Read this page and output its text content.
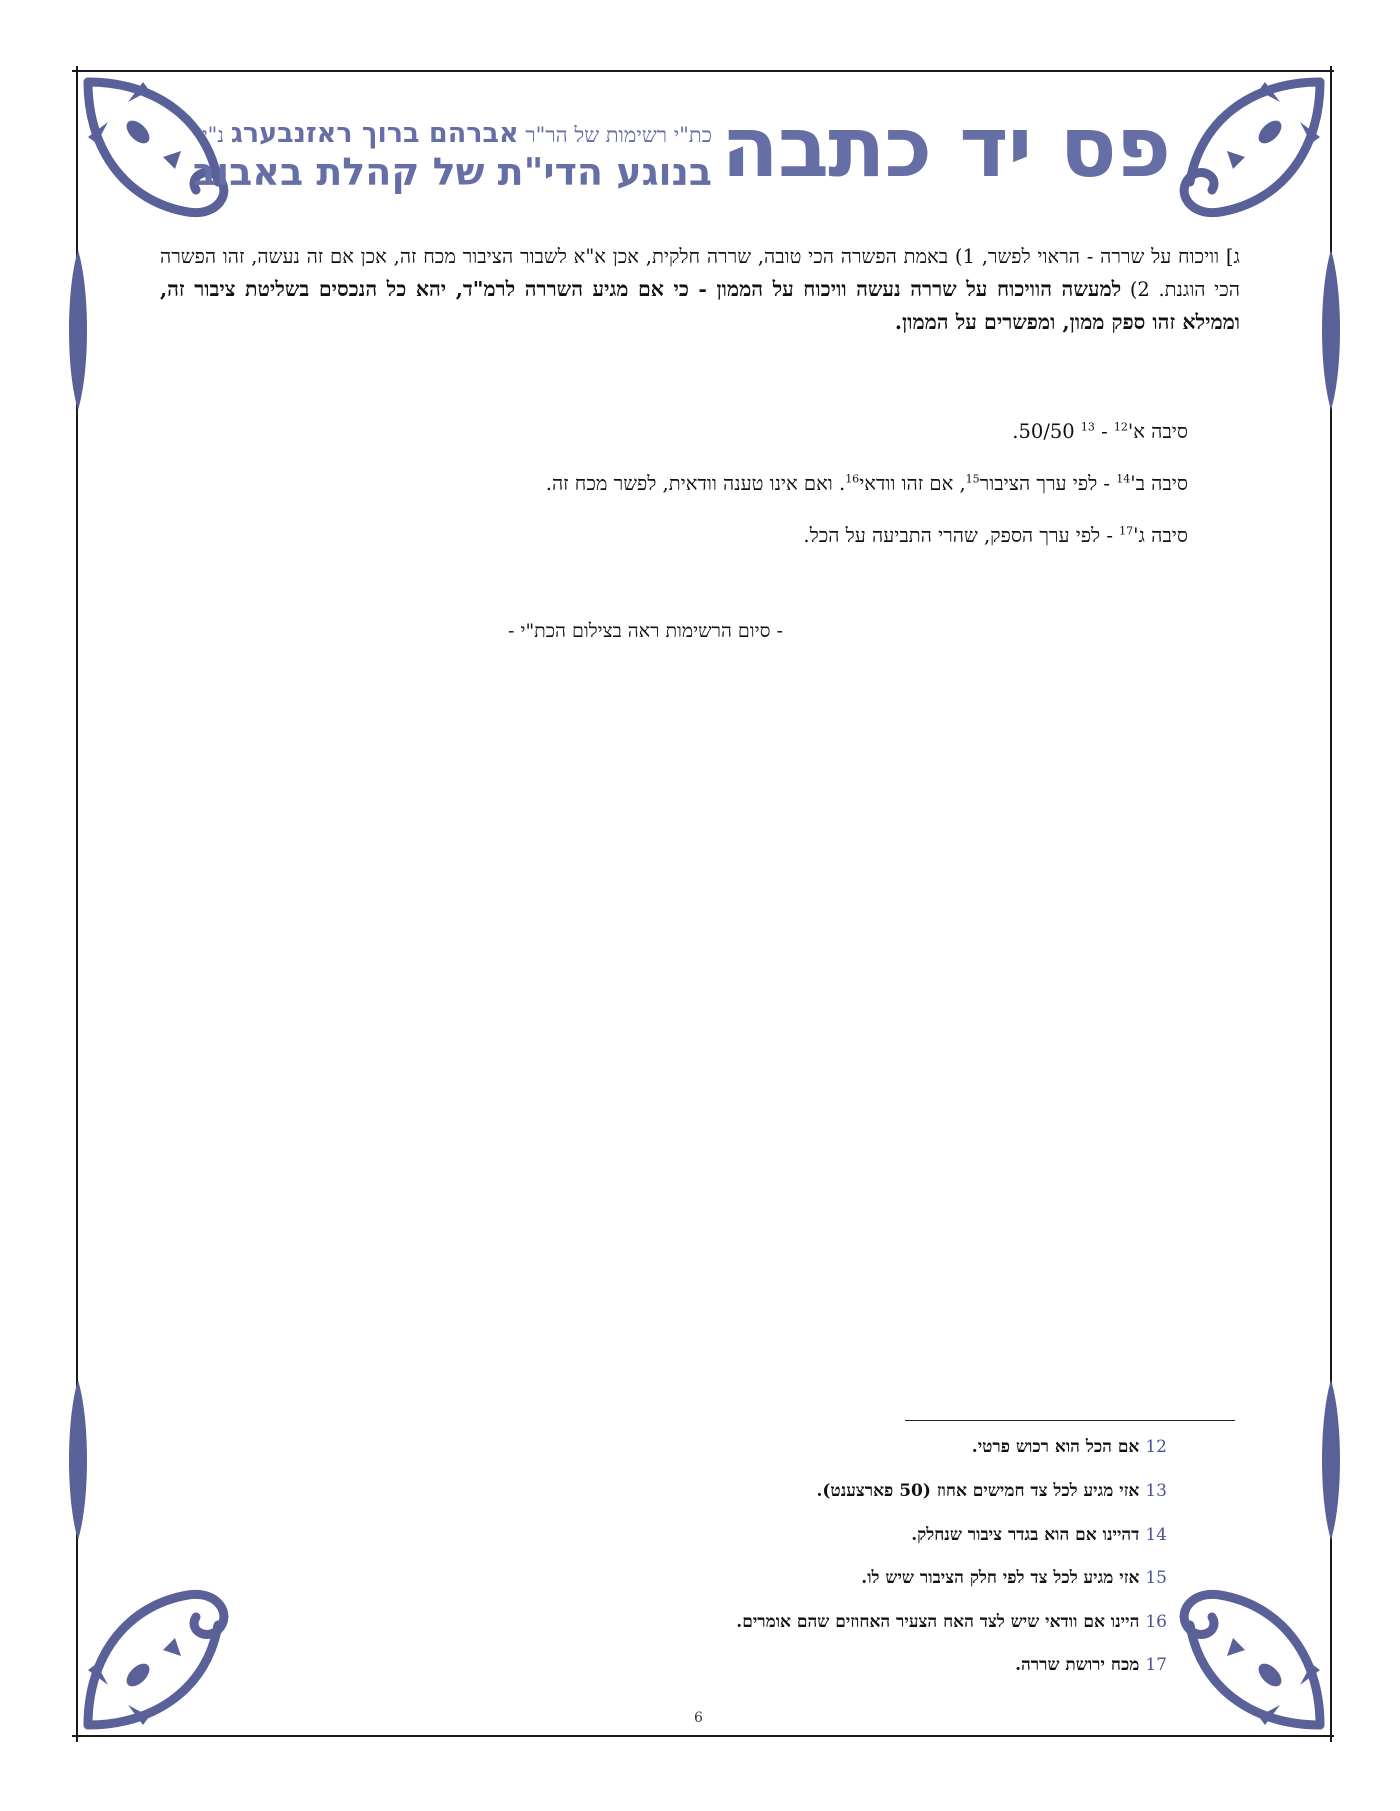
פס יד כתבה
כת"י רשימות של הר"ר אברהם ברוך ראזנבערג נ"י
בנוגע הדי"ת של קהלת באבוב
ג] וויכוח על שררה - הראוי לפשר, 1) באמת הפשרה הכי טובה, שררה חלקית, אכן א"א לשבור הציבור מכח זה, אכן אם זה נעשה, זהו הפשרה הכי הוגנת. 2) למעשה הוויכוח על שררה נעשה וויכוח על הממון - כי אם מגיע השררה לרמ"ד, יהא כל הנכסים בשליטת ציבור זה, וממילא זהו ספק ממון, ומפשרים על הממון.
סיבה $א'^{12} - ^{13}$ 50/50.
סיבה $ב'^{14}$ - לפי ערך הציבור$^{15}$, אם זהו וודאי$^{16}$. ואם אינו טענה וודאית, לפשר מכח זה.
סיבה $ג'^{17}$ - לפי ערך הספק, שהרי התביעה על הכל.
- סיום הרשימות ראה בצילום הכת"י -
12אם הכל הוא רכוש פרטי.
13אזי מגיע לכל צד חמישים אחוז (50 פארצענט).
14דהיינו אם הוא בגדר ציבור שנחלק.
15אזי מגיע לכל צד לפי חלק הציבור שיש לו.
16היינו אם וודאי שיש לצד האח הצעיר האחוזים שהם אומרים.
17מכח ירושת שררה.
6
